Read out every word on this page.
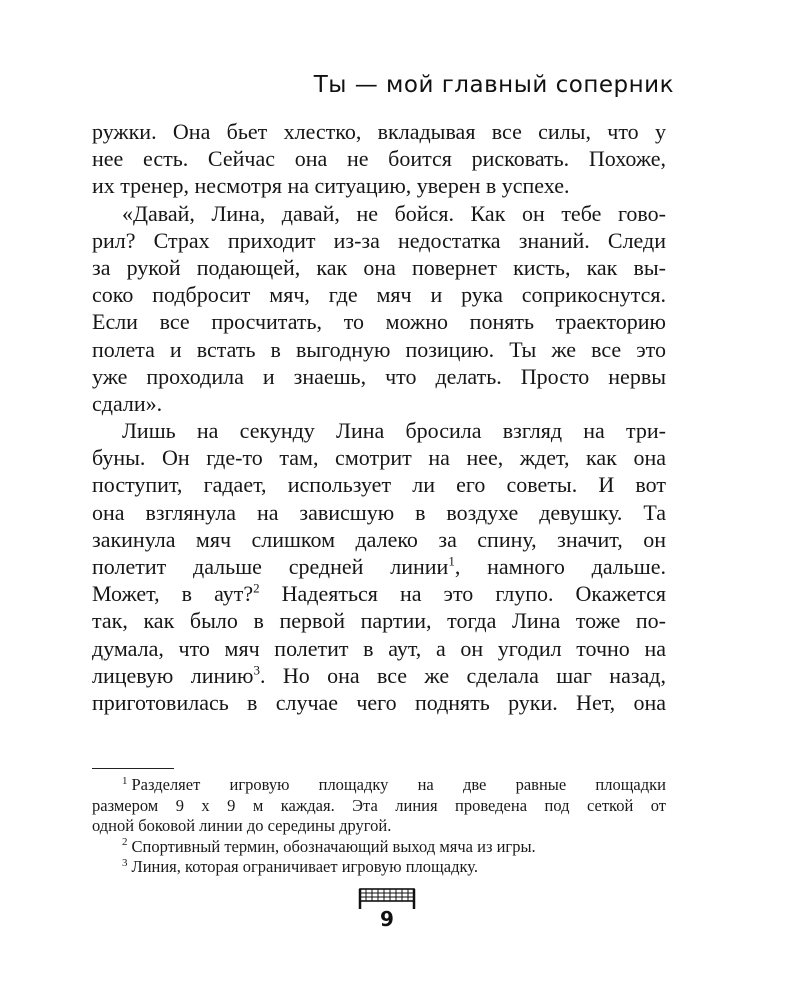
Ты — мой главный соперник
ружки. Она бьет хлестко, вкладывая все силы, что у
нее есть. Сейчас она не боится рисковать. Похоже,
их тренер, несмотря на ситуацию, уверен в успехе.
«Давай, Лина, давай, не бойся. Как он тебе гово-
рил? Страх приходит из-за недостатка знаний. Следи
за рукой подающей, как она повернет кисть, как вы-
соко подбросит мяч, где мяч и рука соприкоснутся.
Если все просчитать, то можно понять траекторию
полета и встать в выгодную позицию. Ты же все это
уже проходила и знаешь, что делать. Просто нервы
сдали».
Лишь на секунду Лина бросила взгляд на три-
буны. Он где-то там, смотрит на нее, ждет, как она
поступит, гадает, использует ли его советы. И вот
она взглянула на зависшую в воздухе девушку. Та
закинула мяч слишком далеко за спину, значит, он
полетит дальше средней линии$^1$, намного дальше.
Может, в аут?$^2$ Надеяться на это глупо. Окажется
так, как было в первой партии, тогда Лина тоже по-
думала, что мяч полетит в аут, а он угодил точно на
лицевую линию$^3$. Но она все же сделала шаг назад,
приготовилась в случае чего поднять руки. Нет, она
$^1$ Разделяет игровую площадку на две равные площадки
размером 9 х 9 м каждая. Эта линия проведена под сеткой от
одной боковой линии до середины другой.
$^2$ Спортивный термин, обозначающий выход мяча из игры.
$^3$ Линия, которая ограничивает игровую площадку.
9
